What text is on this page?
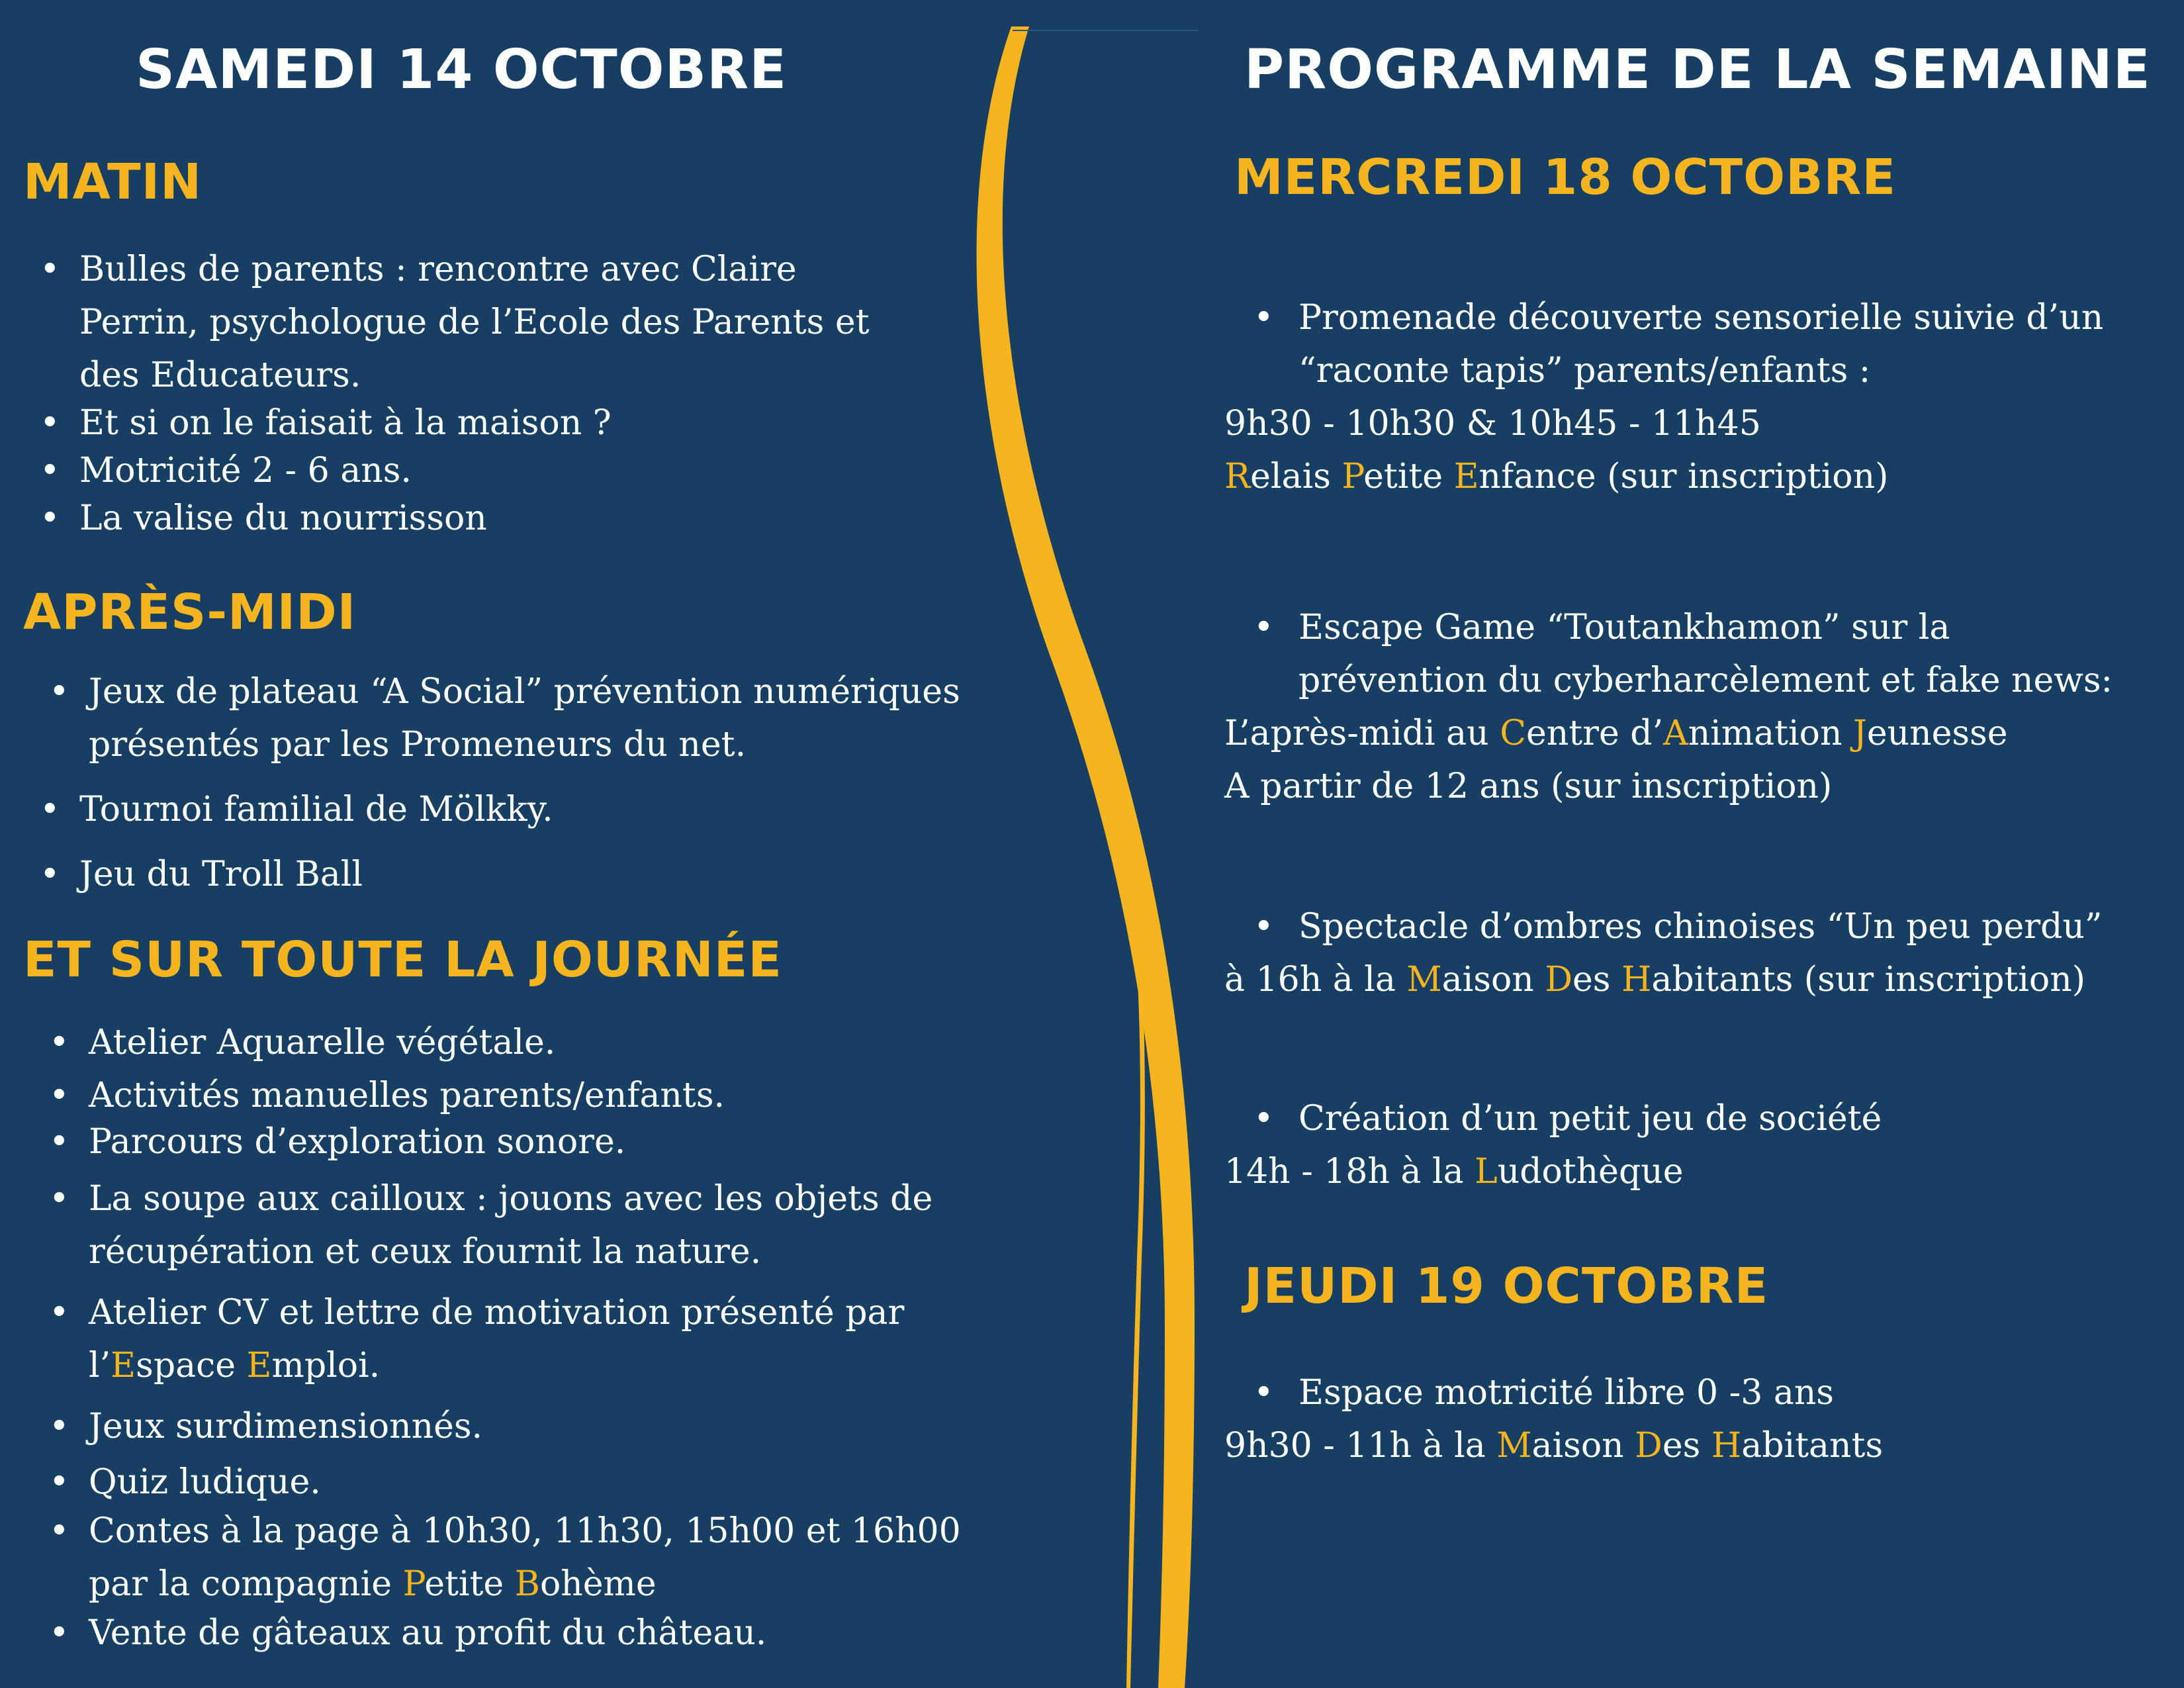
SAMEDI 14 OCTOBRE
MATIN
• Bulles de parents : rencontre avec Claire
Perrin, psychologue de l’Ecole des Parents et
des Educateurs.
• Et si on le faisait à la maison ?
• Motricité 2 - 6 ans.
• La valise du nourrisson
APRÈS-MIDI
• Jeux de plateau “A Social” prévention numériques
présentés par les Promeneurs du net.
• Tournoi familial de Mölkky.
• Jeu du Troll Ball
ET SUR TOUTE LA JOURNÉE
• Atelier Aquarelle végétale.
• Activités manuelles parents/enfants.
• Parcours d’exploration sonore.
• La soupe aux cailloux : jouons avec les objets de
récupération et ceux fournit la nature.
• Atelier CV et lettre de motivation présenté par
l’Espace Emploi.
• Jeux surdimensionnés.
• Quiz ludique.
• Contes à la page à 10h30, 11h30, 15h00 et 16h00
par la compagnie Petite Bohème
• Vente de gâteaux au profit du château.
PROGRAMME DE LA SEMAINE
MERCREDI 18 OCTOBRE
• Promenade découverte sensorielle suivie d’un
“raconte tapis” parents/enfants :

9h30 - 10h30 & 10h45 - 11h45

Relais Petite Enfance (sur inscription)

• Escape Game “Toutankhamon” sur la
prévention du cyberharcèlement et fake news:

L’après-midi au Centre d’Animation Jeunesse

A partir de 12 ans (sur inscription)

• Spectacle d’ombres chinoises “Un peu perdu”

à 16h à la Maison Des Habitants (sur inscription)

• Création d’un petit jeu de société

14h - 18h à la Ludothèque

JEUDI 19 OCTOBRE
• Espace motricité libre 0 -3 ans

9h30 - 11h à la Maison Des Habitants
